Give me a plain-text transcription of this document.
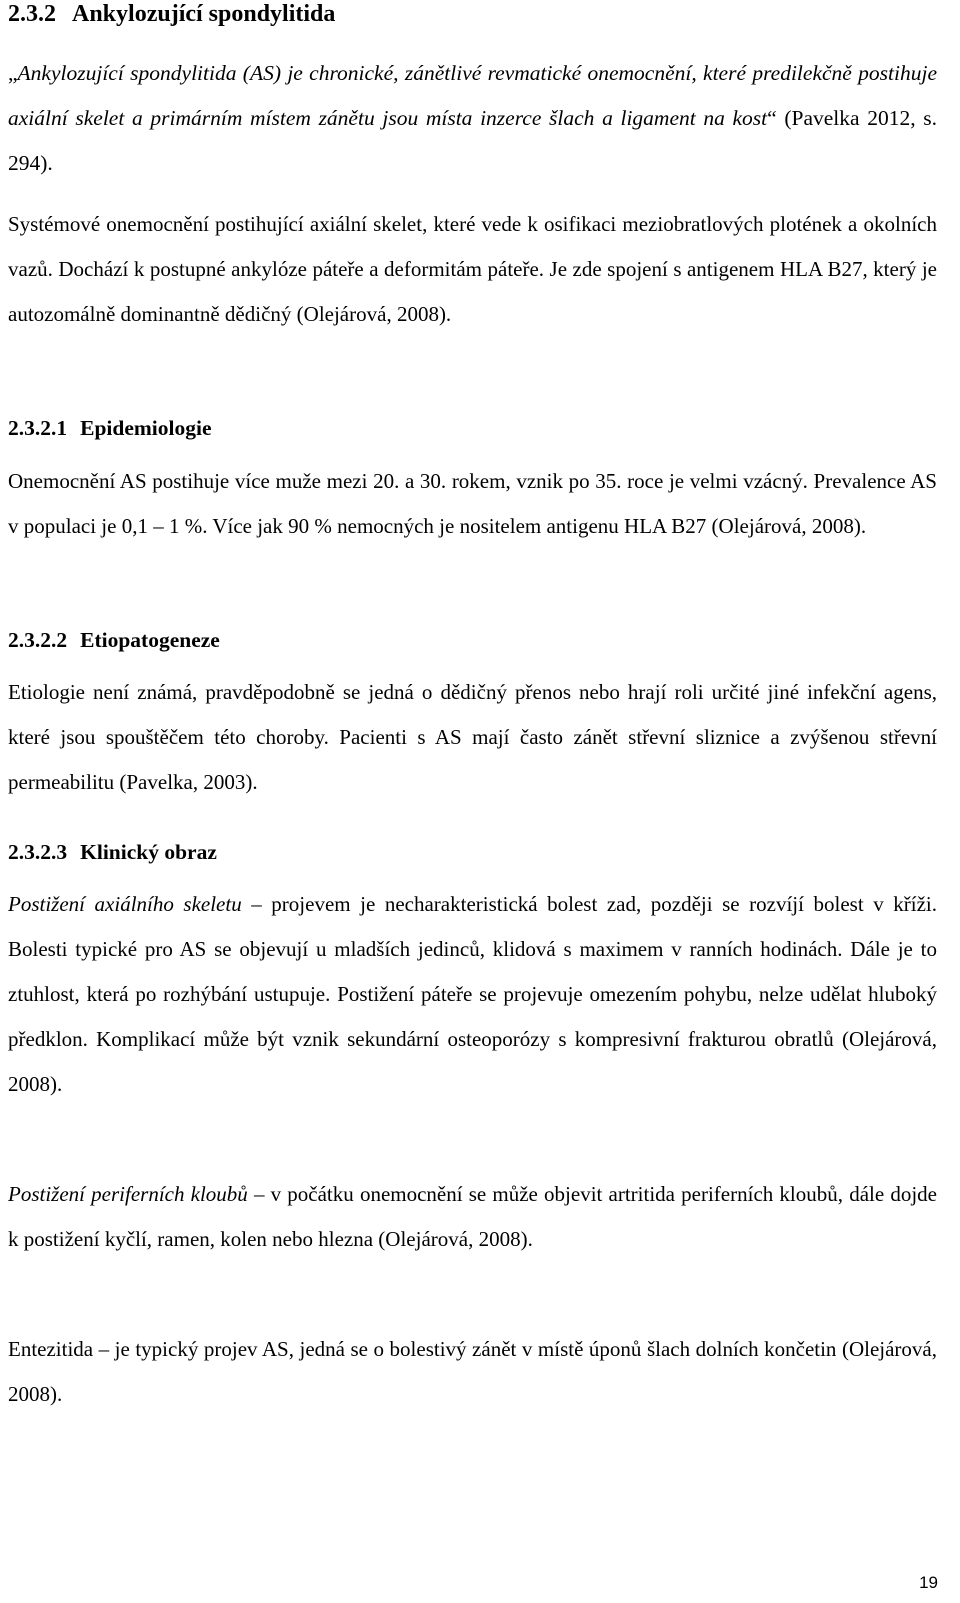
2.3.2 Ankylozující spondylitida

„Ankylozující spondylitida (AS) je chronické, zánětlivé revmatické onemocnění, které predilekčně postihuje axiální skelet a primárním místem zánětu jsou místa inzerce šlach a ligament na kost“ (Pavelka 2012, s. 294).

Systémové onemocnění postihující axiální skelet, které vede k osifikaci meziobratlových plotének a okolních vazů. Dochází k postupné ankylóze páteře a deformitám páteře. Je zde spojení s antigenem HLA B27, který je autozomálně dominantně dědičný (Olejárová, 2008).

2.3.2.1 Epidemiologie

Onemocnění AS postihuje více muže mezi 20. a 30. rokem, vznik po 35. roce je velmi vzácný. Prevalence AS v populaci je 0,1 – 1 %. Více jak 90 % nemocných je nositelem antigenu HLA B27 (Olejárová, 2008).

2.3.2.2 Etiopatogeneze

Etiologie není známá, pravděpodobně se jedná o dědičný přenos nebo hrají roli určité jiné infekční agens, které jsou spouštěčem této choroby. Pacienti s AS mají často zánět střevní sliznice a zvýšenou střevní permeabilitu (Pavelka, 2003).

2.3.2.3 Klinický obraz

Postižení axiálního skeletu – projevem je necharakteristická bolest zad, později se rozvíjí bolest v kříži. Bolesti typické pro AS se objevují u mladších jedinců, klidová s maximem v ranních hodinách. Dále je to ztuhlost, která po rozhýbání ustupuje. Postižení páteře se projevuje omezením pohybu, nelze udělat hluboký předklon. Komplikací může být vznik sekundární osteoporózy s kompresivní frakturou obratlů (Olejárová, 2008).

Postižení periferních kloubů – v počátku onemocnění se může objevit artritida periferních kloubů, dále dojde k postižení kyčlí, ramen, kolen nebo hlezna (Olejárová, 2008).

Entezitida – je typický projev AS, jedná se o bolestivý zánět v místě úponů šlach dolních končetin (Olejárová, 2008).

19
